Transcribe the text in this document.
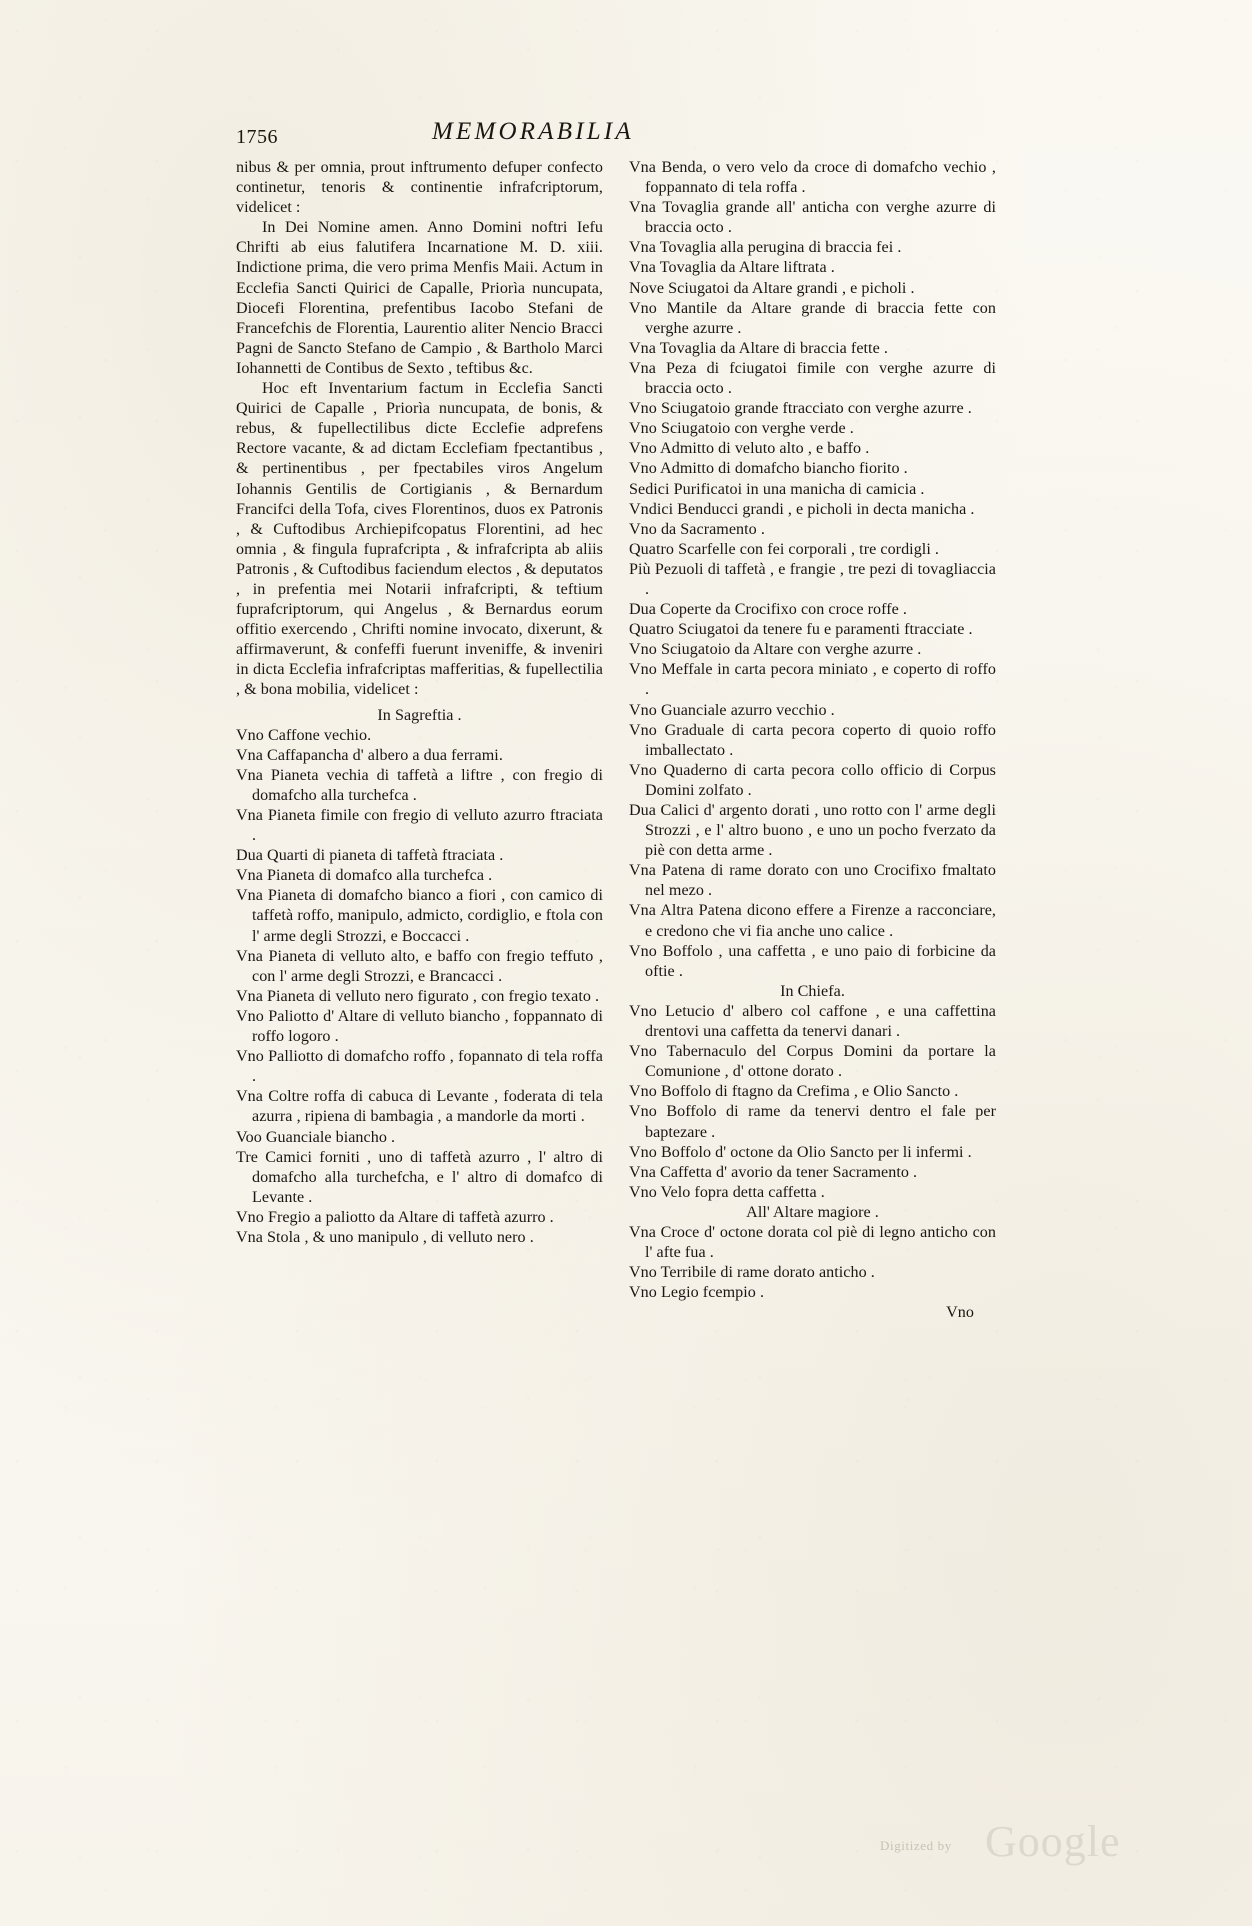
1756	MEMORABILIA

nibus & per omnia, prout inftrumento defuper confecto continetur, tenoris & continentie infrafcriptorum, videlicet :

In Dei Nomine amen. Anno Domini noftri Iefu Chrifti ab eius falutifera Incarnatione M. D. xiii. Indictione prima, die vero prima Menfis Maii. Actum in Ecclefia Sancti Quirici de Capalle, Priorìa nuncupata, Diocefi Florentina, prefentibus Iacobo Stefani de Francefchis de Florentia, Laurentio aliter Nencio Bracci Pagni de Sancto Stefano de Campio , & Bartholo Marci Iohannetti de Contibus de Sexto , teftibus &c.

Hoc eft Inventarium factum in Ecclefia Sancti Quirici de Capalle , Priorìa nuncupata, de bonis, & rebus, & fupellectilibus dicte Ecclefie adprefens Rectore vacante, & ad dictam Ecclefiam fpectantibus , & pertinentibus , per fpectabiles viros Angelum Iohannis Gentilis de Cortigianis , & Bernardum Francifci della Tofa, cives Florentinos, duos ex Patronis , & Cuftodibus Archiepifcopatus Florentini, ad hec omnia , & fingula fuprafcripta , & infrafcripta ab aliis Patronis , & Cuftodibus faciendum electos , & deputatos , in prefentia mei Notarii infrafcripti, & teftium fuprafcriptorum, qui Angelus , & Bernardus eorum offitio exercendo , Chrifti nomine invocato, dixerunt, & affirmaverunt, & confeffi fuerunt inveniffe, & inveniri in dicta Ecclefia infrafcriptas mafferitias, & fupellectilia , & bona mobilia, videlicet :

In Sagreftia .

Vno Caffone vechio.

Vna Caffapancha d' albero a dua ferrami.

Vna Pianeta vechia di taffetà a liftre , con fregio di domafcho alla turchefca .

Vna Pianeta fimile con fregio di velluto azurro ftraciata .

Dua Quarti di pianeta di taffetà ftraciata .

Vna Pianeta di domafco alla turchefca .

Vna Pianeta di domafcho bianco a fiori , con camico di taffetà roffo, manipulo, admicto, cordiglio, e ftola con l' arme degli Strozzi, e Boccacci .

Vna Pianeta di velluto alto, e baffo con fregio teffuto , con l' arme degli Strozzi, e Brancacci .

Vna Pianeta di velluto nero figurato , con fregio texato .

Vno Paliotto d' Altare di velluto biancho , foppannato di roffo logoro .

Vno Palliotto di domafcho roffo , fopannato di tela roffa .

Vna Coltre roffa di cabuca di Levante , foderata di tela azurra , ripiena di bambagia , a mandorle da morti .

Voo Guanciale biancho .

Tre Camici forniti , uno di taffetà azurro , l' altro di domafcho alla turchefcha, e l' altro di domafco di Levante .

Vno Fregio a paliotto da Altare di taffetà azurro .

Vna Stola , & uno manipulo , di velluto nero .

Vna Benda, o vero velo da croce di domafcho vechio , foppannato di tela roffa .

Vna Tovaglia grande all' anticha con verghe azurre di braccia octo .

Vna Tovaglia alla perugina di braccia fei .

Vna Tovaglia da Altare liftrata .

Nove Sciugatoi da Altare grandi , e picholi .

Vno Mantile da Altare grande di braccia fette con verghe azurre .

Vna Tovaglia da Altare di braccia fette .

Vna Peza di fciugatoi fimile con verghe azurre di braccia octo .

Vno Sciugatoio grande ftracciato con verghe azurre .

Vno Sciugatoio con verghe verde .

Vno Admitto di veluto alto , e baffo .

Vno Admitto di domafcho biancho fiorito .

Sedici Purificatoi in una manicha di camicia .

Vndici Benducci grandi , e picholi in decta manicha .

Vno da Sacramento .

Quatro Scarfelle con fei corporali , tre cordigli .

Più Pezuoli di taffetà , e frangie , tre pezi di tovagliaccia .

Dua Coperte da Crocifixo con croce roffe .

Quatro Sciugatoi da tenere fu e paramenti ftracciate .

Vno Sciugatoio da Altare con verghe azurre .

Vno Meffale in carta pecora miniato , e coperto di roffo .

Vno Guanciale azurro vecchio .

Vno Graduale di carta pecora coperto di quoio roffo imballectato .

Vno Quaderno di carta pecora collo officio di Corpus Domini zolfato .

Dua Calici d' argento dorati , uno rotto con l' arme degli Strozzi , e l' altro buono , e uno un pocho fverzato da piè con detta arme .

Vna Patena di rame dorato con uno Crocifixo fmaltato nel mezo .

Vna Altra Patena dicono effere a Firenze a racconciare, e credono che vi fia anche uno calice .

Vno Boffolo , una caffetta , e uno paio di forbicine da oftie .

In Chiefa.

Vno Letucio d' albero col caffone , e una caffettina drentovi una caffetta da tenervi danari .

Vno Tabernaculo del Corpus Domini da portare la Comunione , d' ottone dorato .

Vno Boffolo di ftagno da Crefima , e Olio Sancto .

Vno Boffolo di rame da tenervi dentro el fale per baptezare .

Vno Boffolo d' octone da Olio Sancto per li infermi .

Vna Caffetta d' avorio da tener Sacramento .

Vno Velo fopra detta caffetta .

All' Altare magiore .

Vna Croce d' octone dorata col piè di legno anticho con l' afte fua .

Vno Terribile di rame dorato anticho .

Vno Legio fcempio .

Vno

Digitized by Google
